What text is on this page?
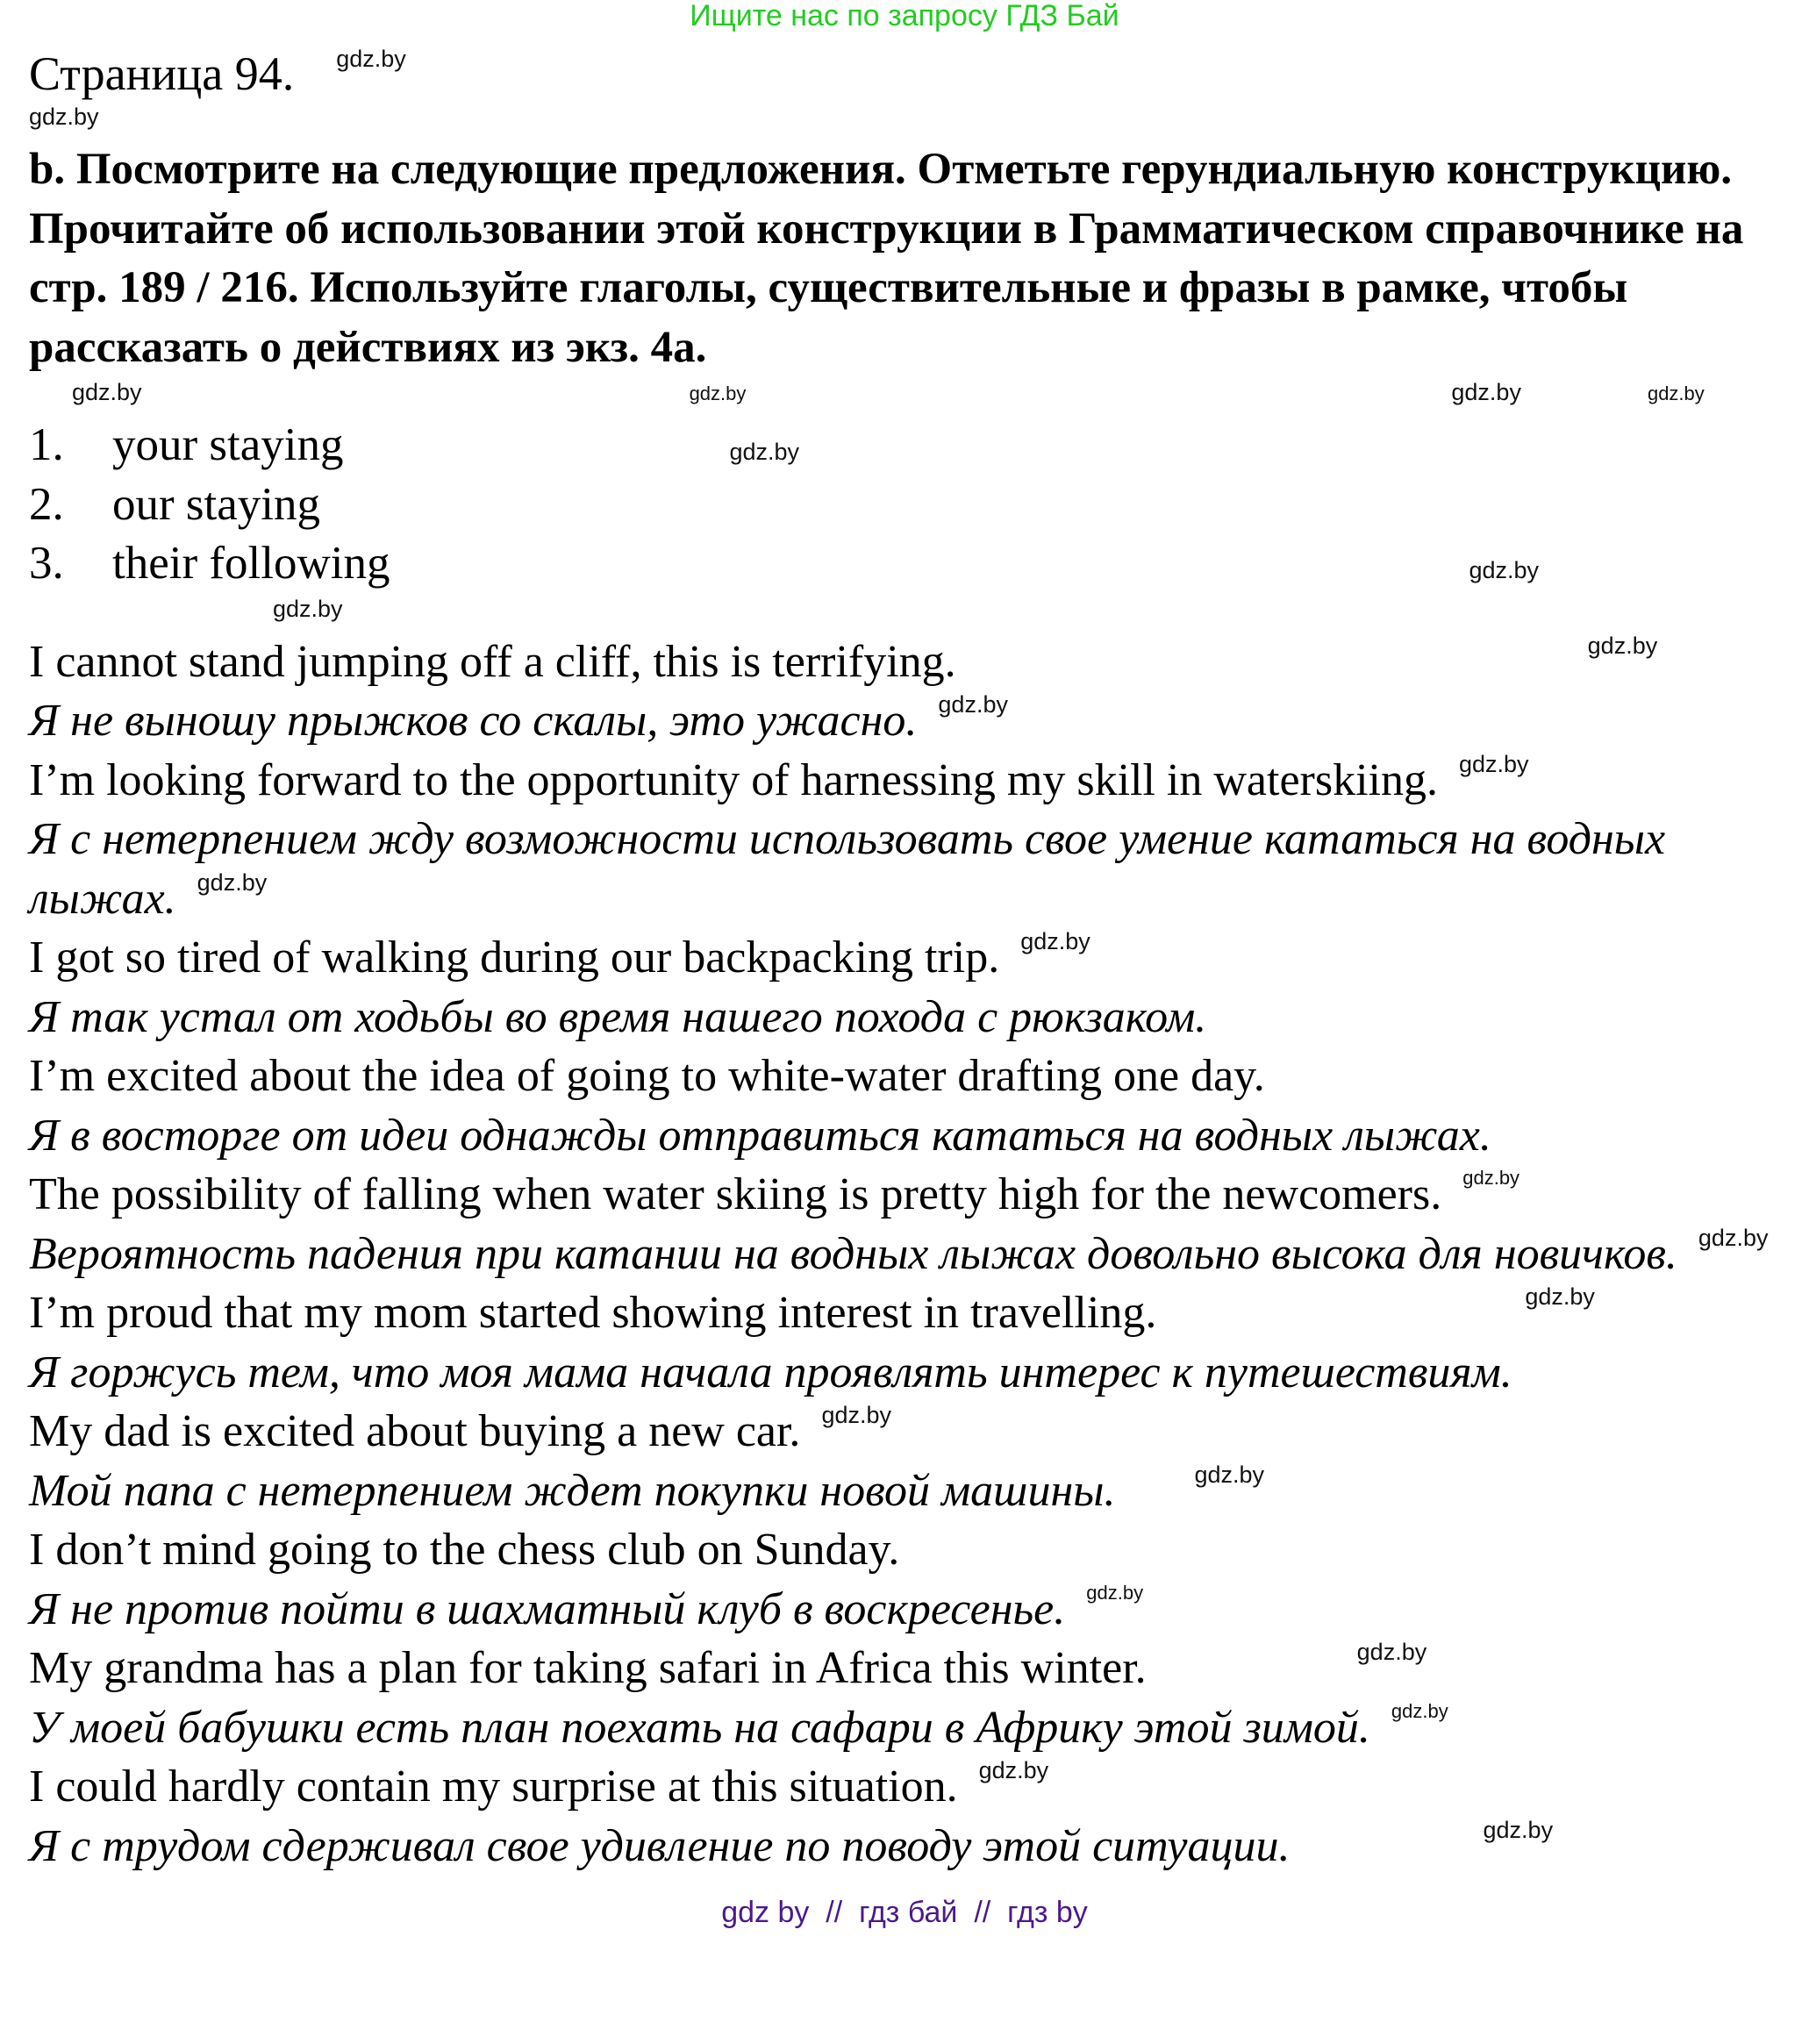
Ищите нас по запросу ГДЗ Бай
Страница 94. $^{gdz.by}$
gdz.by
b. Посмотрите на следующие предложения. Отметьте герундиальную конструкцию. Прочитайте об использовании этой конструкции в Грамматическом справочнике на стр. 189 / 216. Используйте глаголы, существительные и фразы в рамке, чтобы рассказать о действиях из экз. 4а.
gdz.by	gdz.by	gdz.by	gdz.by
1.	your staying	gdz.by
2.	our staying
3.	their following	gdz.by
gdz.by
I cannot stand jumping off a cliff, this is terrifying.	$^{gdz.by}$
Я не выношу прыжков со скалы, это ужасно. $^{gdz.by}$
I’m looking forward to the opportunity of harnessing my skill in waterskiing. $^{gdz.by}$
Я с нетерпением жду возможности использовать свое умение кататься на водных лыжах. $^{gdz.by}$
I got so tired of walking during our backpacking trip. $^{gdz.by}$
Я так устал от ходьбы во время нашего похода с рюкзаком.
I’m excited about the idea of going to white-water drafting one day.
Я в восторге от идеи однажды отправиться кататься на водных лыжах.
The possibility of falling when water skiing is pretty high for the newcomers. $^{gdz.by}$
Вероятность падения при катании на водных лыжах довольно высока для новичков. $^{gdz.by}$
I’m proud that my mom started showing interest in travelling.	$^{gdz.by}$
Я горжусь тем, что моя мама начала проявлять интерес к путешествиям.
My dad is excited about buying a new car. $^{gdz.by}$
Мой папа с нетерпением ждет покупки новой машины.	$^{gdz.by}$
I don’t mind going to the chess club on Sunday.
Я не против пойти в шахматный клуб в воскресенье. $^{gdz.by}$
My grandma has a plan for taking safari in Africa this winter.	$^{gdz.by}$
У моей бабушки есть план поехать на сафари в Африку этой зимой. $^{gdz.by}$
I could hardly contain my surprise at this situation. $^{gdz.by}$
Я с трудом сдерживал свое удивление по поводу этой ситуации.	$^{gdz.by}$
gdz by  //  гдз бай  //  гдз by
